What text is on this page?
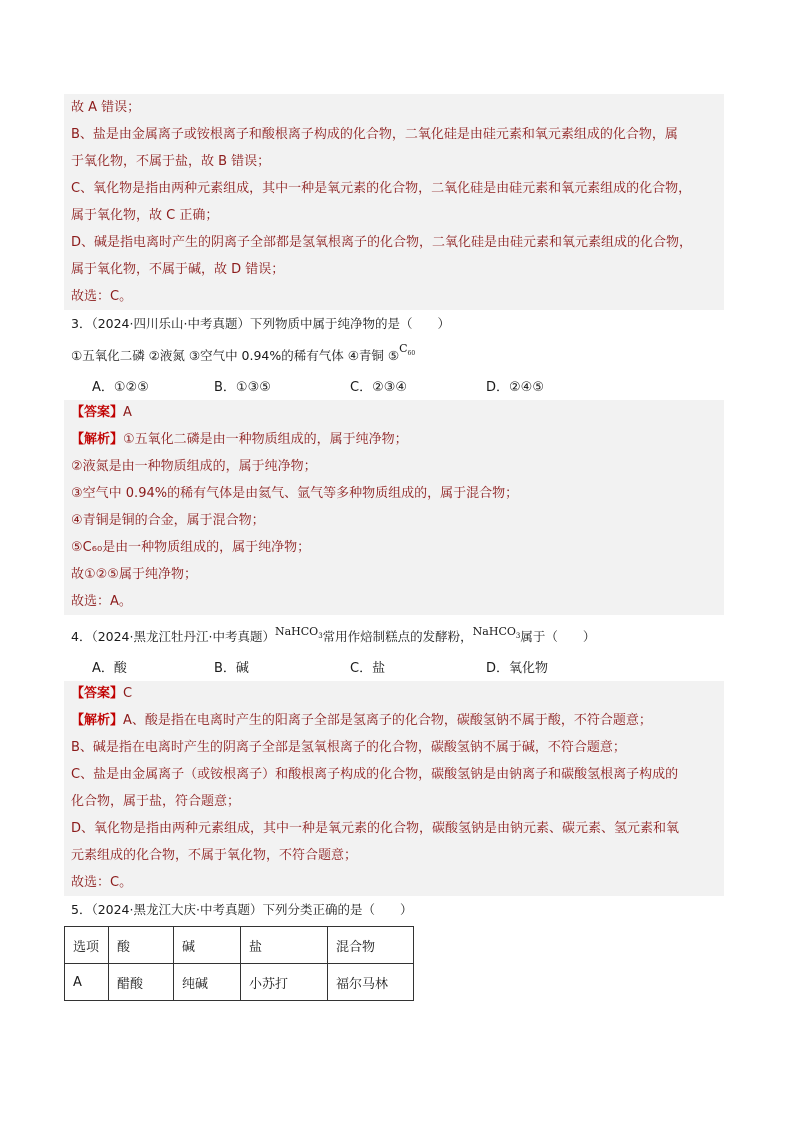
故 A 错误；
B、盐是由金属离子或铵根离子和酸根离子构成的化合物，二氧化硅是由硅元素和氧元素组成的化合物，属
于氧化物，不属于盐，故 B 错误；
C、氧化物是指由两种元素组成，其中一种是氧元素的化合物，二氧化硅是由硅元素和氧元素组成的化合物，
属于氧化物，故 C 正确；
D、碱是指电离时产生的阴离子全部都是氢氧根离子的化合物，二氧化硅是由硅元素和氧元素组成的化合物，
属于氧化物，不属于碱，故 D 错误；
故选：C。
3．（2024·四川乐山·中考真题）下列物质中属于纯净物的是（　　）
①五氧化二磷 ②液氮 ③空气中 0.94%的稀有气体 ④青铜 $⑤C_{60}$
A．①②⑤	B．①③⑤	C．②③④	D．②④⑤
【答案】A
【解析】①五氧化二磷是由一种物质组成的，属于纯净物；
②液氮是由一种物质组成的，属于纯净物；
③空气中 0.94%的稀有气体是由氦气、氩气等多种物质组成的，属于混合物；
④青铜是铜的合金，属于混合物；
⑤C₆₀是由一种物质组成的，属于纯净物；
故①②⑤属于纯净物；
故选：A。
4．（2024·黑龙江牡丹江·中考真题）NaHCO$_3$常用作焙制糕点的发酵粉，NaHCO$_3$属于（　　）
A．酸	B．碱	C．盐	D．氧化物
【答案】C
【解析】A、酸是指在电离时产生的阳离子全部是氢离子的化合物，碳酸氢钠不属于酸，不符合题意；
B、碱是指在电离时产生的阴离子全部是氢氧根离子的化合物，碳酸氢钠不属于碱，不符合题意；
C、盐是由金属离子（或铵根离子）和酸根离子构成的化合物，碳酸氢钠是由钠离子和碳酸氢根离子构成的
化合物，属于盐，符合题意；
D、氧化物是指由两种元素组成，其中一种是氧元素的化合物，碳酸氢钠是由钠元素、碳元素、氢元素和氧
元素组成的化合物，不属于氧化物，不符合题意；
故选：C。
5．（2024·黑龙江大庆·中考真题）下列分类正确的是（　　）
选项	酸	碱	盐	混合物
A	醋酸	纯碱	小苏打	福尔马林
